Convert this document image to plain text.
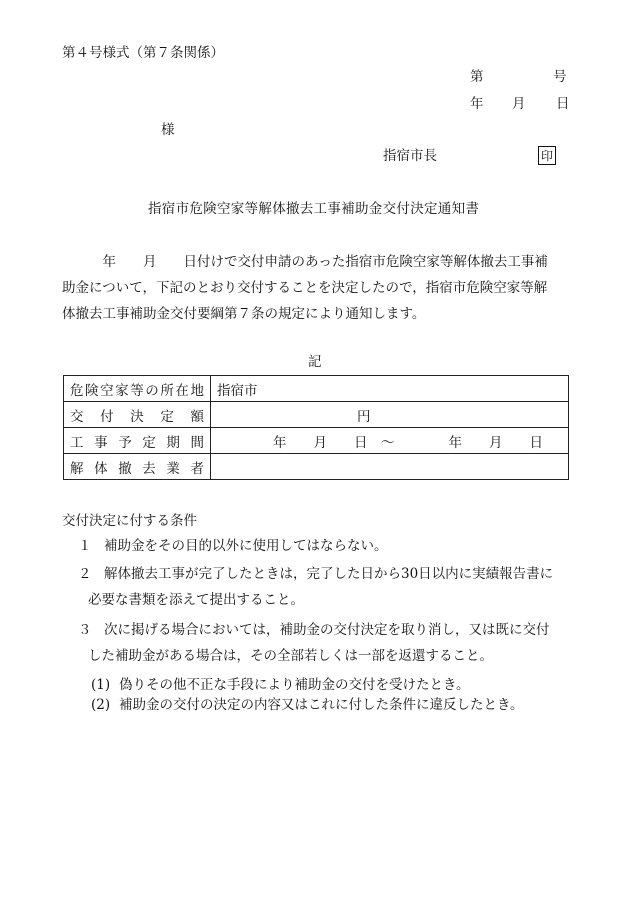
第４号様式（第７条関係）
第	号
年 月 日
様
指宿市長	印
指宿市危険空家等解体撤去工事補助金交付決定通知書
　　　年　　月　　日付けで交付申請のあった指宿市危険空家等解体撤去工事補
助金について，下記のとおり交付することを決定したので，指宿市危険空家等解
体撤去工事補助金交付要綱第７条の規定により通知します。
記
危険空家等の所在地	指宿市
交付決定額	円
工事予定期間	年　　月　　日　～　　　　年　　月　　日
解体撤去業者	
交付決定に付する条件
１ 補助金をその目的以外に使用してはならない。
２ 解体撤去工事が完了したときは，完了した日から30日以内に実績報告書に
必要な書類を添えて提出すること。
３ 次に掲げる場合においては，補助金の交付決定を取り消し，又は既に交付
した補助金がある場合は，その全部若しくは一部を返還すること。
(1) 偽りその他不正な手段により補助金の交付を受けたとき。
(2) 補助金の交付の決定の内容又はこれに付した条件に違反したとき。
